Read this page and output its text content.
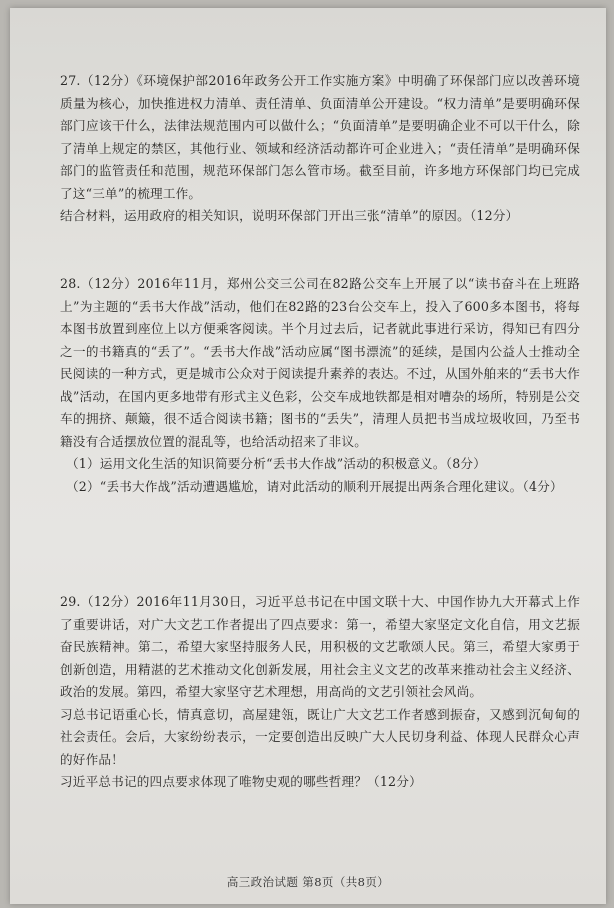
27.（12分）《环境保护部2016年政务公开工作实施方案》中明确了环保部门应以改善环境质量为核心，加快推进权力清单、责任清单、负面清单公开建设。“权力清单”是要明确环保部门应该干什么，法律法规范围内可以做什么；“负面清单”是要明确企业不可以干什么，除了清单上规定的禁区，其他行业、领域和经济活动都许可企业进入；“责任清单”是明确环保部门的监管责任和范围，规范环保部门怎么管市场。截至目前，许多地方环保部门均已完成了这“三单”的梳理工作。

结合材料，运用政府的相关知识，说明环保部门开出三张“清单”的原因。（12分）

28.（12分）2016年11月，郑州公交三公司在82路公交车上开展了以“读书奋斗在上班路上”为主题的“丢书大作战”活动，他们在82路的23台公交车上，投入了600多本图书，将每本图书放置到座位上以方便乘客阅读。半个月过去后，记者就此事进行采访，得知已有四分之一的书籍真的“丢了”。“丢书大作战”活动应属“图书漂流”的延续，是国内公益人士推动全民阅读的一种方式，更是城市公众对于阅读提升素养的表达。不过，从国外舶来的“丢书大作战”活动，在国内更多地带有形式主义色彩，公交车成地铁都是相对嘈杂的场所，特别是公交车的拥挤、颠簸，很不适合阅读书籍；图书的“丢失”，清理人员把书当成垃圾收回，乃至书籍没有合适摆放位置的混乱等，也给活动招来了非议。

（1）运用文化生活的知识简要分析“丢书大作战”活动的积极意义。（8分）

（2）“丢书大作战”活动遭遇尴尬，请对此活动的顺利开展提出两条合理化建议。（4分）

29.（12分）2016年11月30日，习近平总书记在中国文联十大、中国作协九大开幕式上作了重要讲话，对广大文艺工作者提出了四点要求：第一，希望大家坚定文化自信，用文艺振奋民族精神。第二，希望大家坚持服务人民，用积极的文艺歌颂人民。第三，希望大家勇于创新创造，用精湛的艺术推动文化创新发展，用社会主义文艺的改革来推动社会主义经济、政治的发展。第四，希望大家坚守艺术理想，用高尚的文艺引领社会风尚。

习总书记语重心长，情真意切，高屋建瓴，既让广大文艺工作者感到振奋，又感到沉甸甸的社会责任。会后，大家纷纷表示，一定要创造出反映广大人民切身利益、体现人民群众心声的好作品！

习近平总书记的四点要求体现了唯物史观的哪些哲理？（12分）

高三政治试题 第8页（共8页）
